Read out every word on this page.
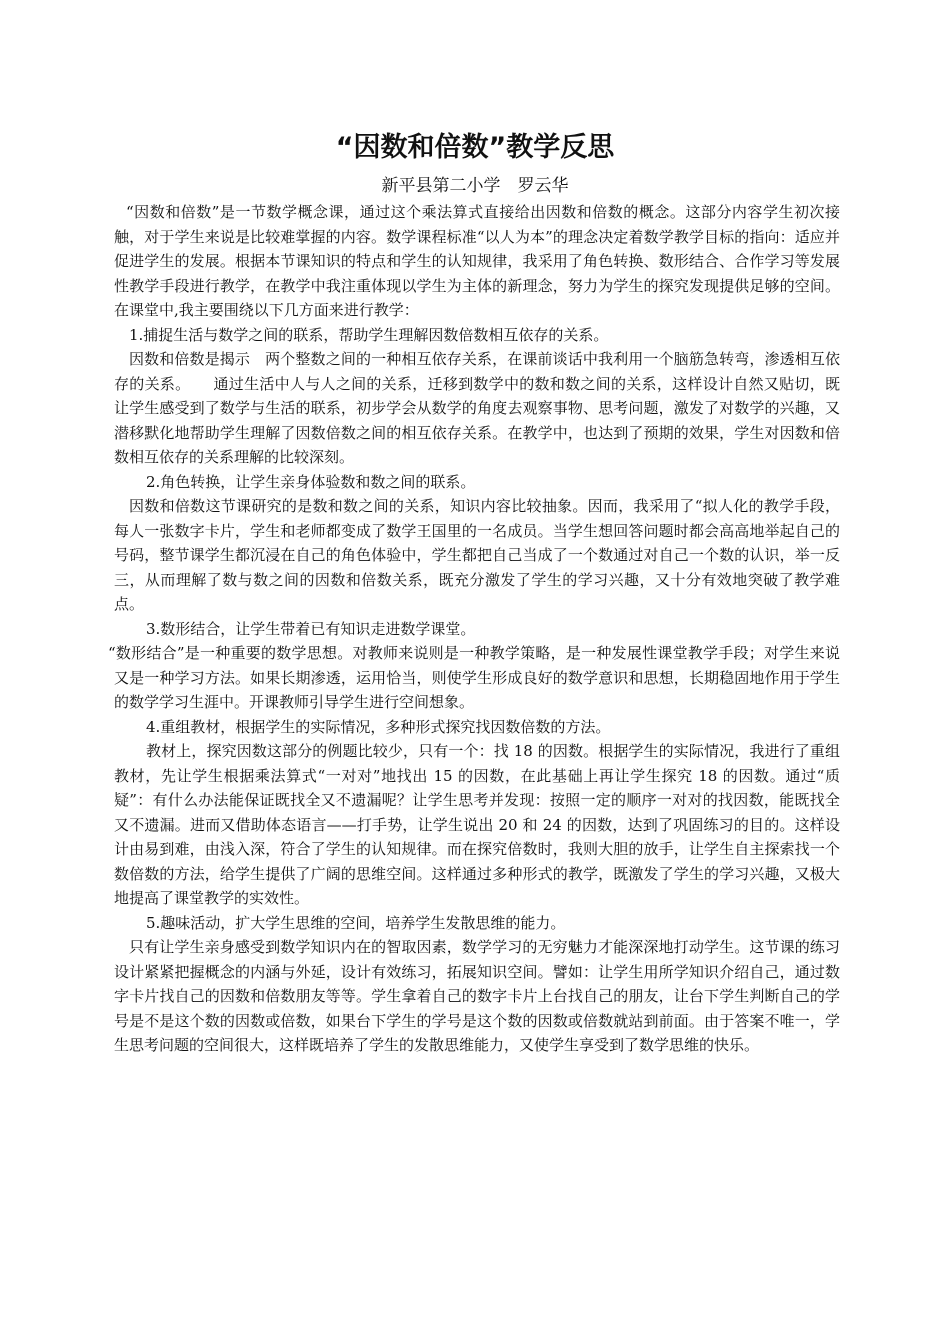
“因数和倍数”教学反思

新平县第二小学　罗云华

“因数和倍数”是一节数学概念课，通过这个乘法算式直接给出因数和倍数的概念。这部分内容学生初次接触，对于学生来说是比较难掌握的内容。数学课程标准“以人为本”的理念决定着数学教学目标的指向：适应并促进学生的发展。根据本节课知识的特点和学生的认知规律，我采用了角色转换、数形结合、合作学习等发展性教学手段进行教学，在教学中我注重体现以学生为主体的新理念，努力为学生的探究发现提供足够的空间。在课堂中,我主要围绕以下几方面来进行教学：

1.捕捉生活与数学之间的联系，帮助学生理解因数倍数相互依存的关系。

因数和倍数是揭示　两个整数之间的一种相互依存关系，在课前谈话中我利用一个脑筋急转弯，渗透相互依存的关系。　　通过生活中人与人之间的关系，迁移到数学中的数和数之间的关系，这样设计自然又贴切，既让学生感受到了数学与生活的联系，初步学会从数学的角度去观察事物、思考问题，激发了对数学的兴趣，又潜移默化地帮助学生理解了因数倍数之间的相互依存关系。在教学中，也达到了预期的效果，学生对因数和倍数相互依存的关系理解的比较深刻。

2.角色转换，让学生亲身体验数和数之间的联系。

因数和倍数这节课研究的是数和数之间的关系，知识内容比较抽象。因而，我采用了“拟人化的教学手段，每人一张数字卡片，学生和老师都变成了数学王国里的一名成员。当学生想回答问题时都会高高地举起自己的号码，整节课学生都沉浸在自己的角色体验中，学生都把自己当成了一个数通过对自己一个数的认识，举一反三，从而理解了数与数之间的因数和倍数关系，既充分激发了学生的学习兴趣，又十分有效地突破了教学难点。

3.数形结合，让学生带着已有知识走进数学课堂。

“数形结合”是一种重要的数学思想。对教师来说则是一种教学策略，是一种发展性课堂教学手段；对学生来说又是一种学习方法。如果长期渗透，运用恰当，则使学生形成良好的数学意识和思想，长期稳固地作用于学生的数学学习生涯中。开课教师引导学生进行空间想象。

4.重组教材，根据学生的实际情况，多种形式探究找因数倍数的方法。

教材上，探究因数这部分的例题比较少，只有一个：找 18 的因数。根据学生的实际情况，我进行了重组教材，先让学生根据乘法算式“一对对”地找出 15 的因数，在此基础上再让学生探究 18 的因数。通过“质疑”：有什么办法能保证既找全又不遗漏呢？让学生思考并发现：按照一定的顺序一对对的找因数，能既找全又不遗漏。进而又借助体态语言——打手势，让学生说出 20 和 24 的因数，达到了巩固练习的目的。这样设计由易到难，由浅入深，符合了学生的认知规律。而在探究倍数时，我则大胆的放手，让学生自主探索找一个数倍数的方法，给学生提供了广阔的思维空间。这样通过多种形式的教学，既激发了学生的学习兴趣，又极大地提高了课堂教学的实效性。

5.趣味活动，扩大学生思维的空间，培养学生发散思维的能力。

只有让学生亲身感受到数学知识内在的智取因素，数学学习的无穷魅力才能深深地打动学生。这节课的练习设计紧紧把握概念的内涵与外延，设计有效练习，拓展知识空间。譬如：让学生用所学知识介绍自己，通过数字卡片找自己的因数和倍数朋友等等。学生拿着自己的数字卡片上台找自己的朋友，让台下学生判断自己的学号是不是这个数的因数或倍数，如果台下学生的学号是这个数的因数或倍数就站到前面。由于答案不唯一，学生思考问题的空间很大，这样既培养了学生的发散思维能力，又使学生享受到了数学思维的快乐。
